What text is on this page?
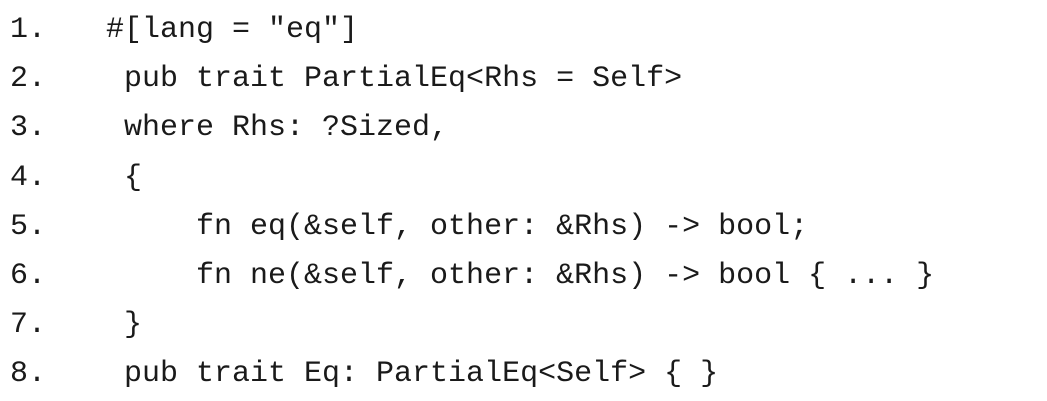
1.	#[lang = "eq"]
2.	pub trait PartialEq<Rhs = Self>
3.	where Rhs: ?Sized,
4.	{
5.	fn eq(&self, other: &Rhs) -> bool;
6.	fn ne(&self, other: &Rhs) -> bool { ... }
7.	}
8.	pub trait Eq: PartialEq<Self> { }
